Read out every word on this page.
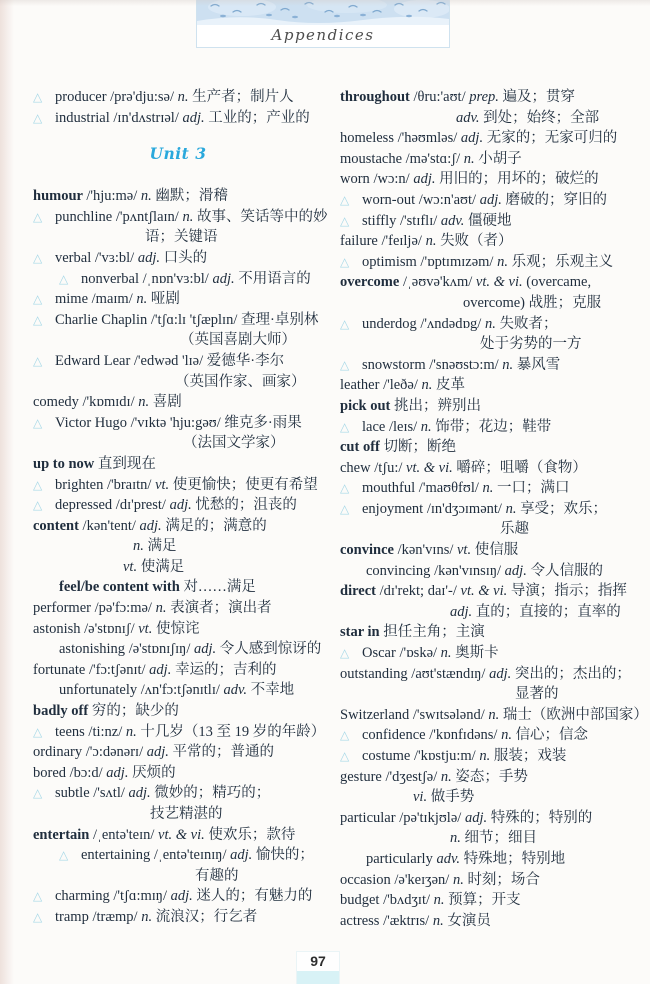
Appendices
△ producer /prə'dju:sə/ n. 生产者；制片人
△ industrial /ɪn'dʌstrɪəl/ adj. 工业的；产业的
Unit 3
humour /'hju:mə/ n. 幽默；滑稽
△ punchline /'pʌntʃlaɪn/ n. 故事、笑话等中的妙
语；关键语
△ verbal /'vɜ:bl/ adj. 口头的
△ nonverbal /ˌnɒn'vɜ:bl/ adj. 不用语言的
△ mime /maɪm/ n. 哑剧
△ Charlie Chaplin /'tʃɑ:lɪ 'tʃæplɪn/ 查理·卓别林
（英国喜剧大师）
△ Edward Lear /'edwəd 'lɪə/ 爱德华·李尔
（英国作家、画家）
comedy /'kɒmɪdɪ/ n. 喜剧
△ Victor Hugo /'vɪktə 'hju:gəʊ/ 维克多·雨果
（法国文学家）
up to now 直到现在
△ brighten /'braɪtn/ vt. 使更愉快；使更有希望
△ depressed /dɪ'prest/ adj. 忧愁的；沮丧的
content /kən'tent/ adj. 满足的；满意的
n. 满足
vt. 使满足
feel/be content with 对……满足
performer /pə'fɔ:mə/ n. 表演者；演出者
astonish /ə'stɒnɪʃ/ vt. 使惊诧
astonishing /ə'stɒnɪʃɪŋ/ adj. 令人感到惊讶的
fortunate /'fɔ:tʃənɪt/ adj. 幸运的；吉利的
unfortunately /ʌn'fɔ:tʃənɪtlɪ/ adv. 不幸地
badly off 穷的；缺少的
△ teens /ti:nz/ n. 十几岁（13 至 19 岁的年龄）
ordinary /'ɔ:dənərɪ/ adj. 平常的；普通的
bored /bɔ:d/ adj. 厌烦的
△ subtle /'sʌtl/ adj. 微妙的；精巧的；
技艺精湛的
entertain /ˌentə'teɪn/ vt. & vi. 使欢乐；款待
△ entertaining /ˌentə'teɪnɪŋ/ adj. 愉快的；
有趣的
△ charming /'tʃɑ:mɪŋ/ adj. 迷人的；有魅力的
△ tramp /træmp/ n. 流浪汉；行乞者
throughout /θru:'aʊt/ prep. 遍及；贯穿
adv. 到处；始终；全部
homeless /'həʊmləs/ adj. 无家的；无家可归的
moustache /mə'stɑ:ʃ/ n. 小胡子
worn /wɔ:n/ adj. 用旧的；用坏的；破烂的
△ worn-out /wɔ:n'aʊt/ adj. 磨破的；穿旧的
△ stiffly /'stɪflɪ/ adv. 僵硬地
failure /'feɪljə/ n. 失败（者）
△ optimism /'ɒptɪmɪzəm/ n. 乐观；乐观主义
overcome /ˌəʊvə'kʌm/ vt. & vi. (overcame,
overcome) 战胜；克服
△ underdog /'ʌndədɒg/ n. 失败者；
处于劣势的一方
△ snowstorm /'snəʊstɔ:m/ n. 暴风雪
leather /'leðə/ n. 皮革
pick out 挑出；辨别出
△ lace /leɪs/ n. 饰带；花边；鞋带
cut off 切断；断绝
chew /tʃu:/ vt. & vi. 嚼碎；咀嚼（食物）
△ mouthful /'maʊθfʊl/ n. 一口；满口
△ enjoyment /ɪn'dʒɔɪmənt/ n. 享受；欢乐；
乐趣
convince /kən'vɪns/ vt. 使信服
convincing /kən'vɪnsɪŋ/ adj. 令人信服的
direct /dɪ'rekt; daɪ'-/ vt. & vi. 导演；指示；指挥
adj. 直的；直接的；直率的
star in 担任主角；主演
△ Oscar /'ɒskə/ n. 奥斯卡
outstanding /aʊt'stændɪŋ/ adj. 突出的；杰出的；
显著的
Switzerland /'swɪtsələnd/ n. 瑞士（欧洲中部国家）
△ confidence /'kɒnfɪdəns/ n. 信心；信念
△ costume /'kɒstju:m/ n. 服装；戏装
gesture /'dʒestʃə/ n. 姿态；手势
vi. 做手势
particular /pə'tɪkjʊlə/ adj. 特殊的；特别的
n. 细节；细目
particularly adv. 特殊地；特别地
occasion /ə'keɪʒən/ n. 时刻；场合
budget /'bʌdʒɪt/ n. 预算；开支
actress /'æktrɪs/ n. 女演员
97
